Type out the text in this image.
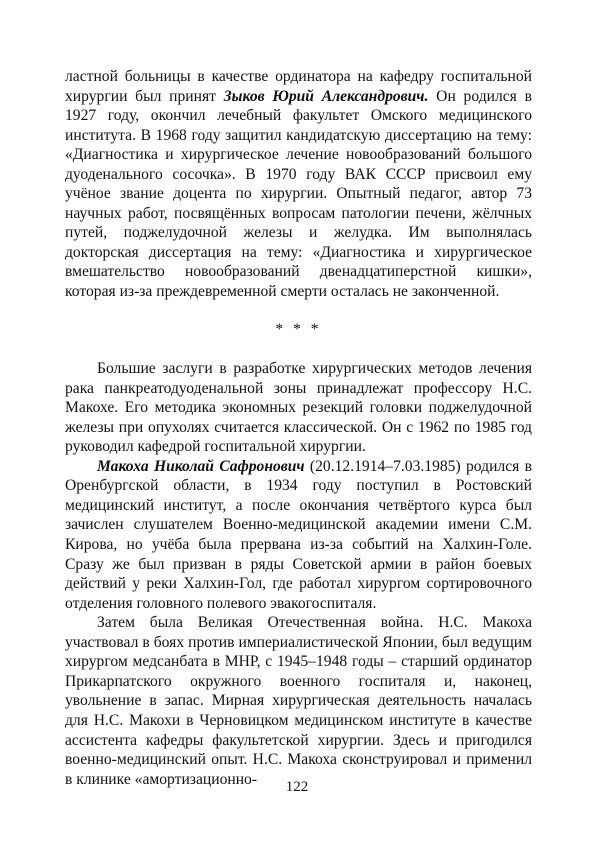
ластной больницы в качестве ординатора на кафедру госпитальной хирургии был принят Зыков Юрий Александрович. Он родился в 1927 году, окончил лечебный факультет Омского медицинского института. В 1968 году защитил кандидатскую диссертацию на тему: «Диагностика и хирургическое лечение новообразований большого дуоденального сосочка». В 1970 году ВАК СССР присвоил ему учёное звание доцента по хирургии. Опытный педагог, автор 73 научных работ, посвящённых вопросам патологии печени, жёлчных путей, поджелудочной железы и желудка. Им выполнялась докторская диссертация на тему: «Диагностика и хирургическое вмешательство новообразований двенадцатиперстной кишки», которая из-за преждевременной смерти осталась не законченной.

* * *

Большие заслуги в разработке хирургических методов лечения рака панкреатодуоденальной зоны принадлежат профессору Н.С. Макохе. Его методика экономных резекций головки поджелудочной железы при опухолях считается классической. Он с 1962 по 1985 год руководил кафедрой госпитальной хирургии.

Макоха Николай Сафронович (20.12.1914–7.03.1985) родился в Оренбургской области, в 1934 году поступил в Ростовский медицинский институт, а после окончания четвёртого курса был зачислен слушателем Военно-медицинской академии имени С.М. Кирова, но учёба была прервана из-за событий на Халхин-Голе. Сразу же был призван в ряды Советской армии в район боевых действий у реки Халхин-Гол, где работал хирургом сортировочного отделения головного полевого эвакогоспиталя.

Затем была Великая Отечественная война. Н.С. Макоха участвовал в боях против империалистической Японии, был ведущим хирургом медсанбата в МНР, с 1945–1948 годы – старший ординатор Прикарпатского окружного военного госпиталя и, наконец, увольнение в запас. Мирная хирургическая деятельность началась для Н.С. Макохи в Черновицком медицинском институте в качестве ассистента кафедры факультетской хирургии. Здесь и пригодился военно-медицинский опыт. Н.С. Макоха сконструировал и применил в клинике «амортизационно-	122
